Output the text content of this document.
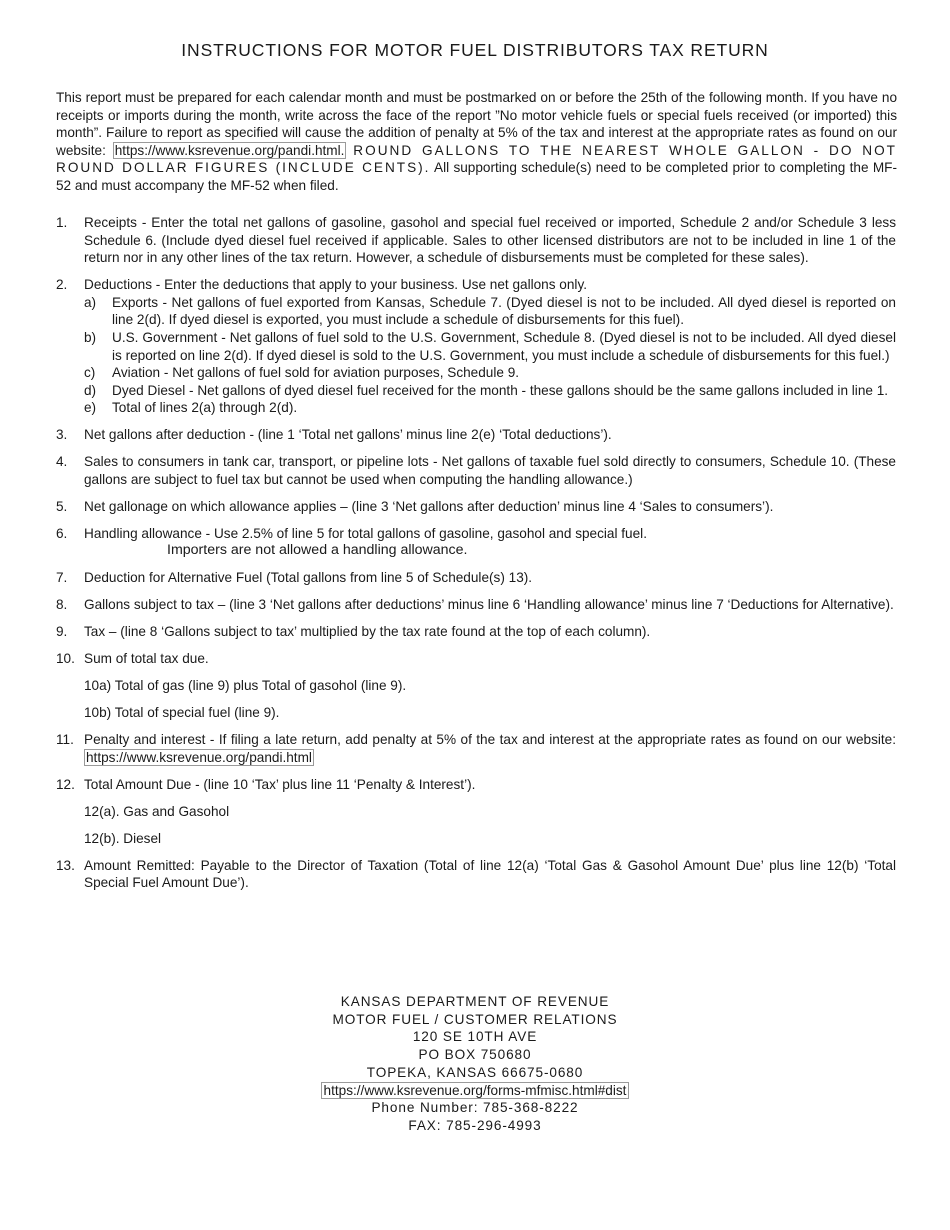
INSTRUCTIONS FOR MOTOR FUEL DISTRIBUTORS TAX RETURN

This report must be prepared for each calendar month and must be postmarked on or before the 25th of the following month. If you have no receipts or imports during the month, write across the face of the report ”No motor vehicle fuels or special fuels received (or imported) this month”. Failure to report as specified will cause the addition of penalty at 5% of the tax and interest at the appropriate rates as found on our website: https://www.ksrevenue.org/pandi.html. ROUND GALLONS TO THE NEAREST WHOLE GALLON - DO NOT ROUND DOLLAR FIGURES (INCLUDE CENTS). All supporting schedule(s) need to be completed prior to completing the MF-52 and must accompany the MF-52 when filed.

1. Receipts - Enter the total net gallons of gasoline, gasohol and special fuel received or imported, Schedule 2 and/or Schedule 3 less Schedule 6. (Include dyed diesel fuel received if applicable. Sales to other licensed distributors are not to be included in line 1 of the return nor in any other lines of the tax return. However, a schedule of disbursements must be completed for these sales).
2. Deductions - Enter the deductions that apply to your business. Use net gallons only.
a) Exports - Net gallons of fuel exported from Kansas, Schedule 7. (Dyed diesel is not to be included. All dyed diesel is reported on line 2(d). If dyed diesel is exported, you must include a schedule of disbursements for this fuel).
b) U.S. Government - Net gallons of fuel sold to the U.S. Government, Schedule 8. (Dyed diesel is not to be included. All dyed diesel is reported on line 2(d). If dyed diesel is sold to the U.S. Government, you must include a schedule of disbursements for this fuel.)
c) Aviation - Net gallons of fuel sold for aviation purposes, Schedule 9.
d) Dyed Diesel - Net gallons of dyed diesel fuel received for the month - these gallons should be the same gallons included in line 1.
e) Total of lines 2(a) through 2(d).
3. Net gallons after deduction - (line 1 ‘Total net gallons’ minus line 2(e) ‘Total deductions’).
4. Sales to consumers in tank car, transport, or pipeline lots - Net gallons of taxable fuel sold directly to consumers, Schedule 10. (These gallons are subject to fuel tax but cannot be used when computing the handling allowance.)
5. Net gallonage on which allowance applies – (line 3 ‘Net gallons after deduction’ minus line 4 ‘Sales to consumers’).
6. Handling allowance - Use 2.5% of line 5 for total gallons of gasoline, gasohol and special fuel.
Importers are not allowed a handling allowance.
7. Deduction for Alternative Fuel (Total gallons from line 5 of Schedule(s) 13).
8. Gallons subject to tax – (line 3 ‘Net gallons after deductions’ minus line 6 ‘Handling allowance’ minus line 7 ‘Deductions for Alternative).
9. Tax – (line 8 ‘Gallons subject to tax’ multiplied by the tax rate found at the top of each column).
10. Sum of total tax due.
10a) Total of gas (line 9) plus Total of gasohol (line 9).
10b) Total of special fuel (line 9).
11. Penalty and interest - If filing a late return, add penalty at 5% of the tax and interest at the appropriate rates as found on our website: https://www.ksrevenue.org/pandi.html
12. Total Amount Due - (line 10 ‘Tax’ plus line 11 ‘Penalty & Interest’).
12(a). Gas and Gasohol
12(b). Diesel
13. Amount Remitted: Payable to the Director of Taxation (Total of line 12(a) ‘Total Gas & Gasohol Amount Due’ plus line 12(b) ‘Total Special Fuel Amount Due’).
KANSAS DEPARTMENT OF REVENUE
MOTOR FUEL / CUSTOMER RELATIONS
120 SE 10TH AVE
PO BOX 750680
TOPEKA, KANSAS 66675-0680
https://www.ksrevenue.org/forms-mfmisc.html#dist
Phone Number: 785-368-8222
FAX: 785-296-4993
